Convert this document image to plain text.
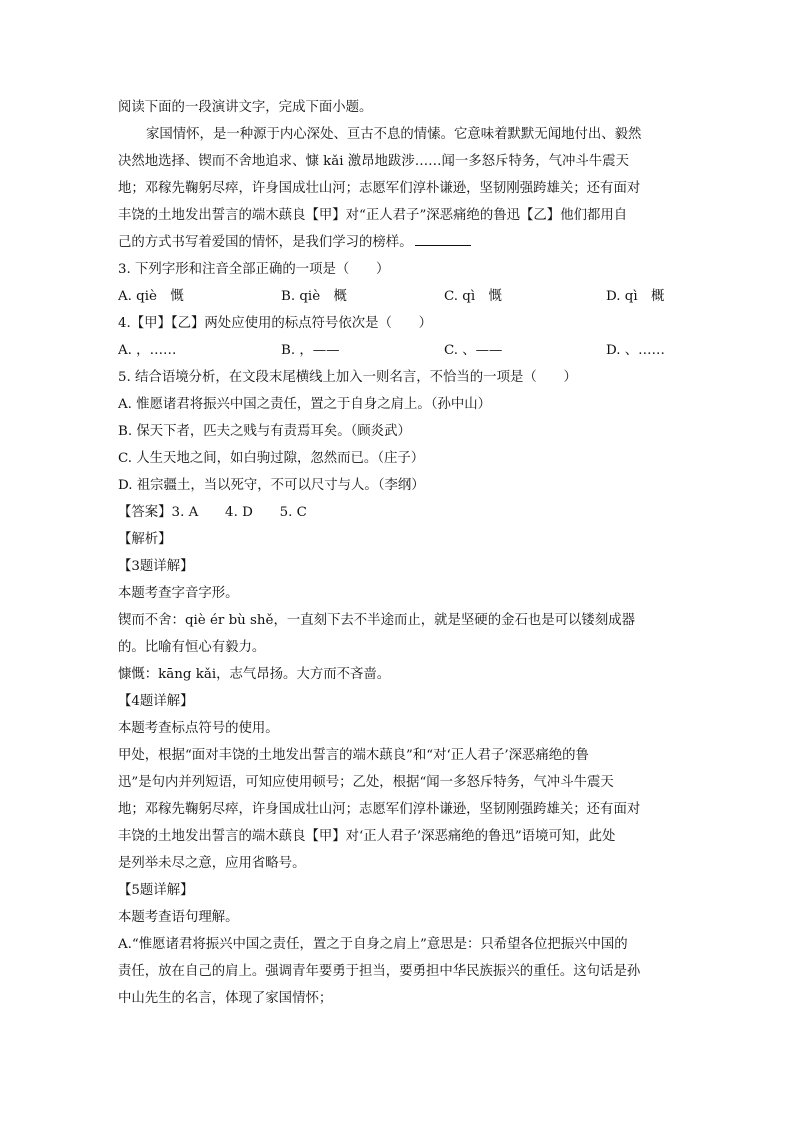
阅读下面的一段演讲文字，完成下面小题。
家国情怀，是一种源于内心深处、亘古不息的情愫。它意味着默默无闻地付出、毅然
决然地选择、锲而不舍地追求、慷 kǎi 激昂地跋涉……闻一多怒斥特务，气冲斗牛震天
地；邓稼先鞠躬尽瘁，许身国成壮山河；志愿军们淳朴谦逊，坚韧刚强跨雄关；还有面对
丰饶的土地发出誓言的端木蕻良【甲】对“正人君子”深恶痛绝的鲁迅【乙】他们都用自
己的方式书写着爱国的情怀，是我们学习的榜样。
3. 下列字形和注音全部正确的一项是（　　）
A. qiè　慨	B. qiè　概	C. qì　慨	D. qì　概
4.【甲】【乙】两处应使用的标点符号依次是（　　）
A. ，……	B. ，——	C. 、——	D. 、……
5. 结合语境分析，在文段末尾横线上加入一则名言，不恰当的一项是（　　）
A. 惟愿诸君将振兴中国之责任，置之于自身之肩上。（孙中山）
B. 保天下者，匹夫之贱与有责焉耳矣。（顾炎武）
C. 人生天地之间，如白驹过隙，忽然而已。（庄子）
D. 祖宗疆土，当以死守，不可以尺寸与人。（李纲）
【答案】3. A　　4. D　　5. C
【解析】
【3题详解】
本题考查字音字形。
锲而不舍：qiè ér bù shě，一直刻下去不半途而止，就是坚硬的金石也是可以镂刻成器
的。比喻有恒心有毅力。
慷慨：kāng kǎi，志气昂扬。大方而不吝啬。
【4题详解】
本题考查标点符号的使用。
甲处，根据“面对丰饶的土地发出誓言的端木蕻良”和“对‘正人君子’深恶痛绝的鲁
迅”是句内并列短语，可知应使用顿号；乙处，根据“闻一多怒斥特务，气冲斗牛震天
地；邓稼先鞠躬尽瘁，许身国成壮山河；志愿军们淳朴谦逊，坚韧刚强跨雄关；还有面对
丰饶的土地发出誓言的端木蕻良【甲】对‘正人君子’深恶痛绝的鲁迅”语境可知，此处
是列举未尽之意，应用省略号。
【5题详解】
本题考查语句理解。
A.“惟愿诸君将振兴中国之责任，置之于自身之肩上”意思是：只希望各位把振兴中国的
责任，放在自己的肩上。强调青年要勇于担当，要勇担中华民族振兴的重任。这句话是孙
中山先生的名言，体现了家国情怀；
